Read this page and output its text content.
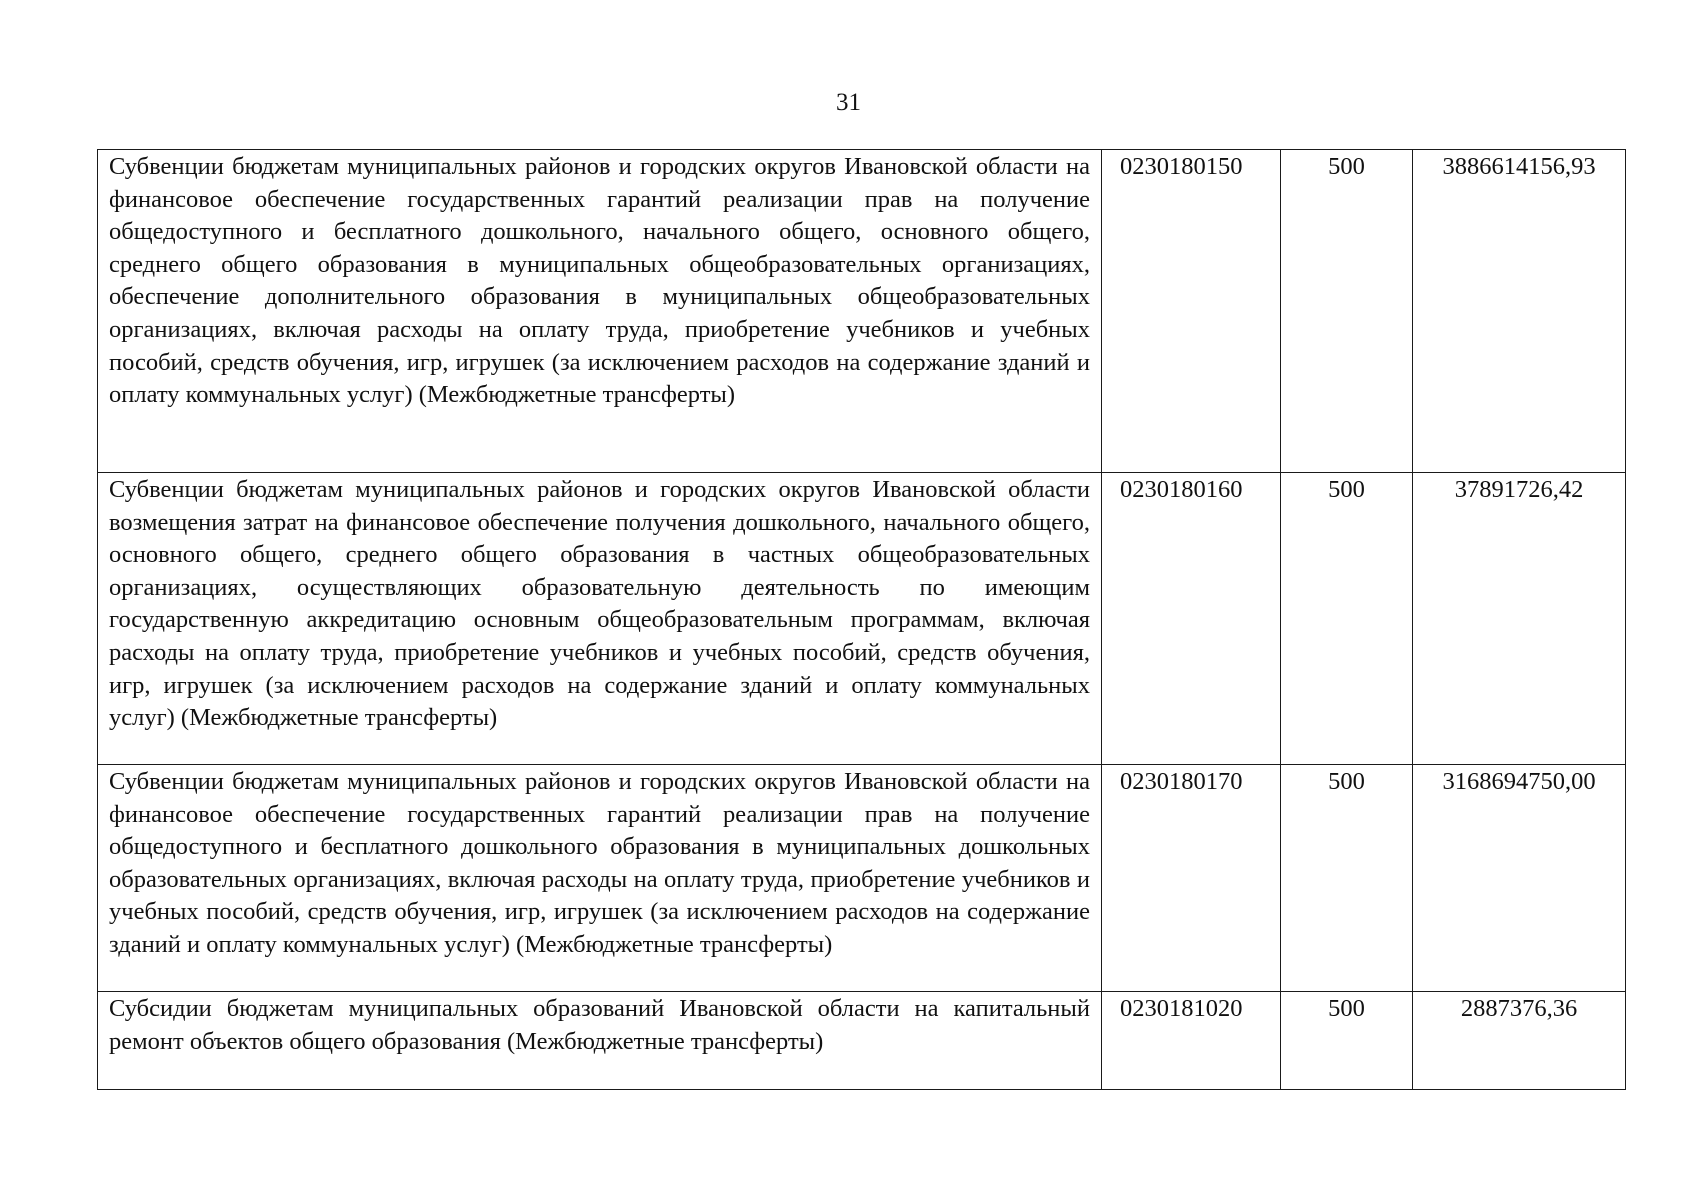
31
Субвенции бюджетам муниципальных районов и городских округов Ивановской области на финансовое обеспечение государственных гарантий реализации прав на получение общедоступного и бесплатного дошкольного, начального общего, основного общего, среднего общего образования в муниципальных общеобразовательных организациях, обеспечение дополнительного образования в муниципальных общеобразовательных организациях, включая расходы на оплату труда, приобретение учебников и учебных пособий, средств обучения, игр, игрушек (за исключением расходов на содержание зданий и оплату коммунальных услуг) (Межбюджетные трансферты)	0230180150	500	3886614156,93
Субвенции бюджетам муниципальных районов и городских округов Ивановской области возмещения затрат на финансовое обеспечение получения дошкольного, начального общего, основного общего, среднего общего образования в частных общеобразовательных организациях, осуществляющих образовательную деятельность по имеющим государственную аккредитацию основным общеобразовательным программам, включая расходы на оплату труда, приобретение учебников и учебных пособий, средств обучения, игр, игрушек (за исключением расходов на содержание зданий и оплату коммунальных услуг) (Межбюджетные трансферты)	0230180160	500	37891726,42
Субвенции бюджетам муниципальных районов и городских округов Ивановской области на финансовое обеспечение государственных гарантий реализации прав на получение общедоступного и бесплатного дошкольного образования в муниципальных дошкольных образовательных организациях, включая расходы на оплату труда, приобретение учебников и учебных пособий, средств обучения, игр, игрушек (за исключением расходов на содержание зданий и оплату коммунальных услуг) (Межбюджетные трансферты)	0230180170	500	3168694750,00
Субсидии бюджетам муниципальных образований Ивановской области на капитальный ремонт объектов общего образования (Межбюджетные трансферты)	0230181020	500	2887376,36
